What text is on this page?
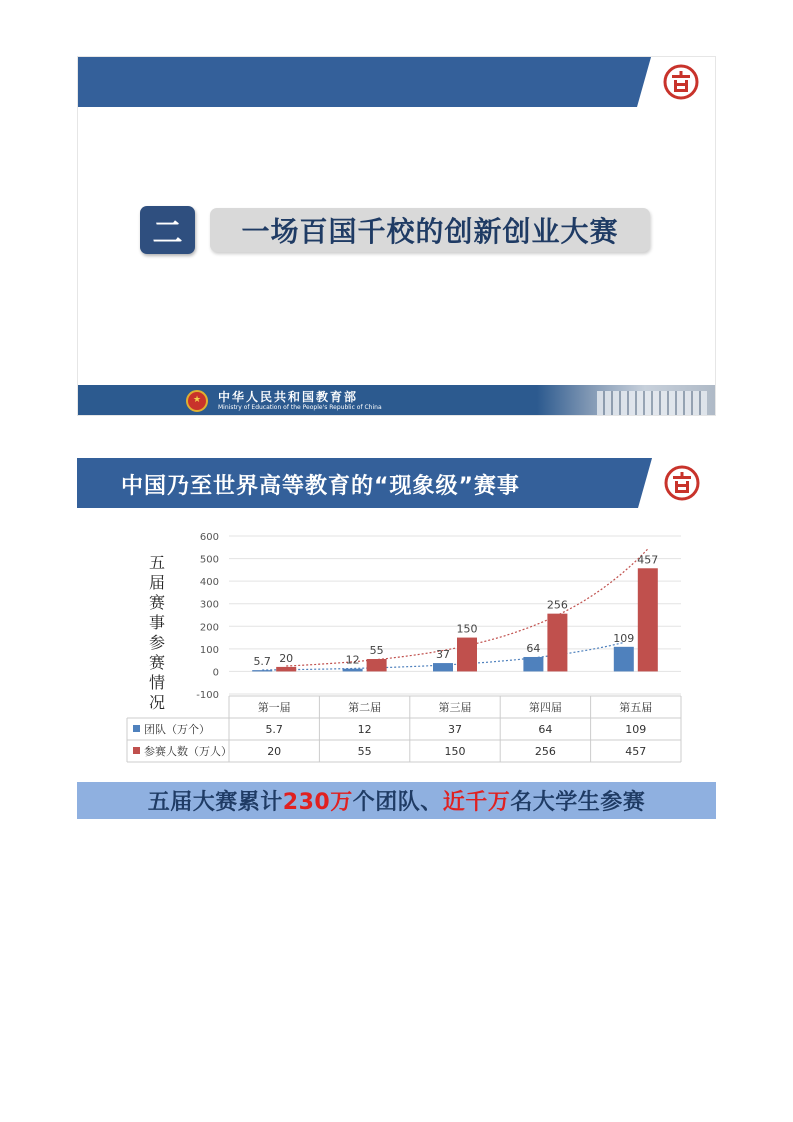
二	一场百国千校的创新创业大赛
★ 中华人民共和国教育部
Ministry of Education of the People's Republic of China
中国乃至世界高等教育的“现象级”赛事
五
届
赛
事
参
赛
情
况
600
500
400
300
200
100
0
-100
5.7 20	12
55	37
150
64
256
109
457
第一届	第二届	第三届	第四届	第五届
团队（万个）	5.7	12	37	64	109
参赛人数（万人）	20	55	150	256	457
五届大赛累计 230万 个团队、 近千万 名大学生参赛
